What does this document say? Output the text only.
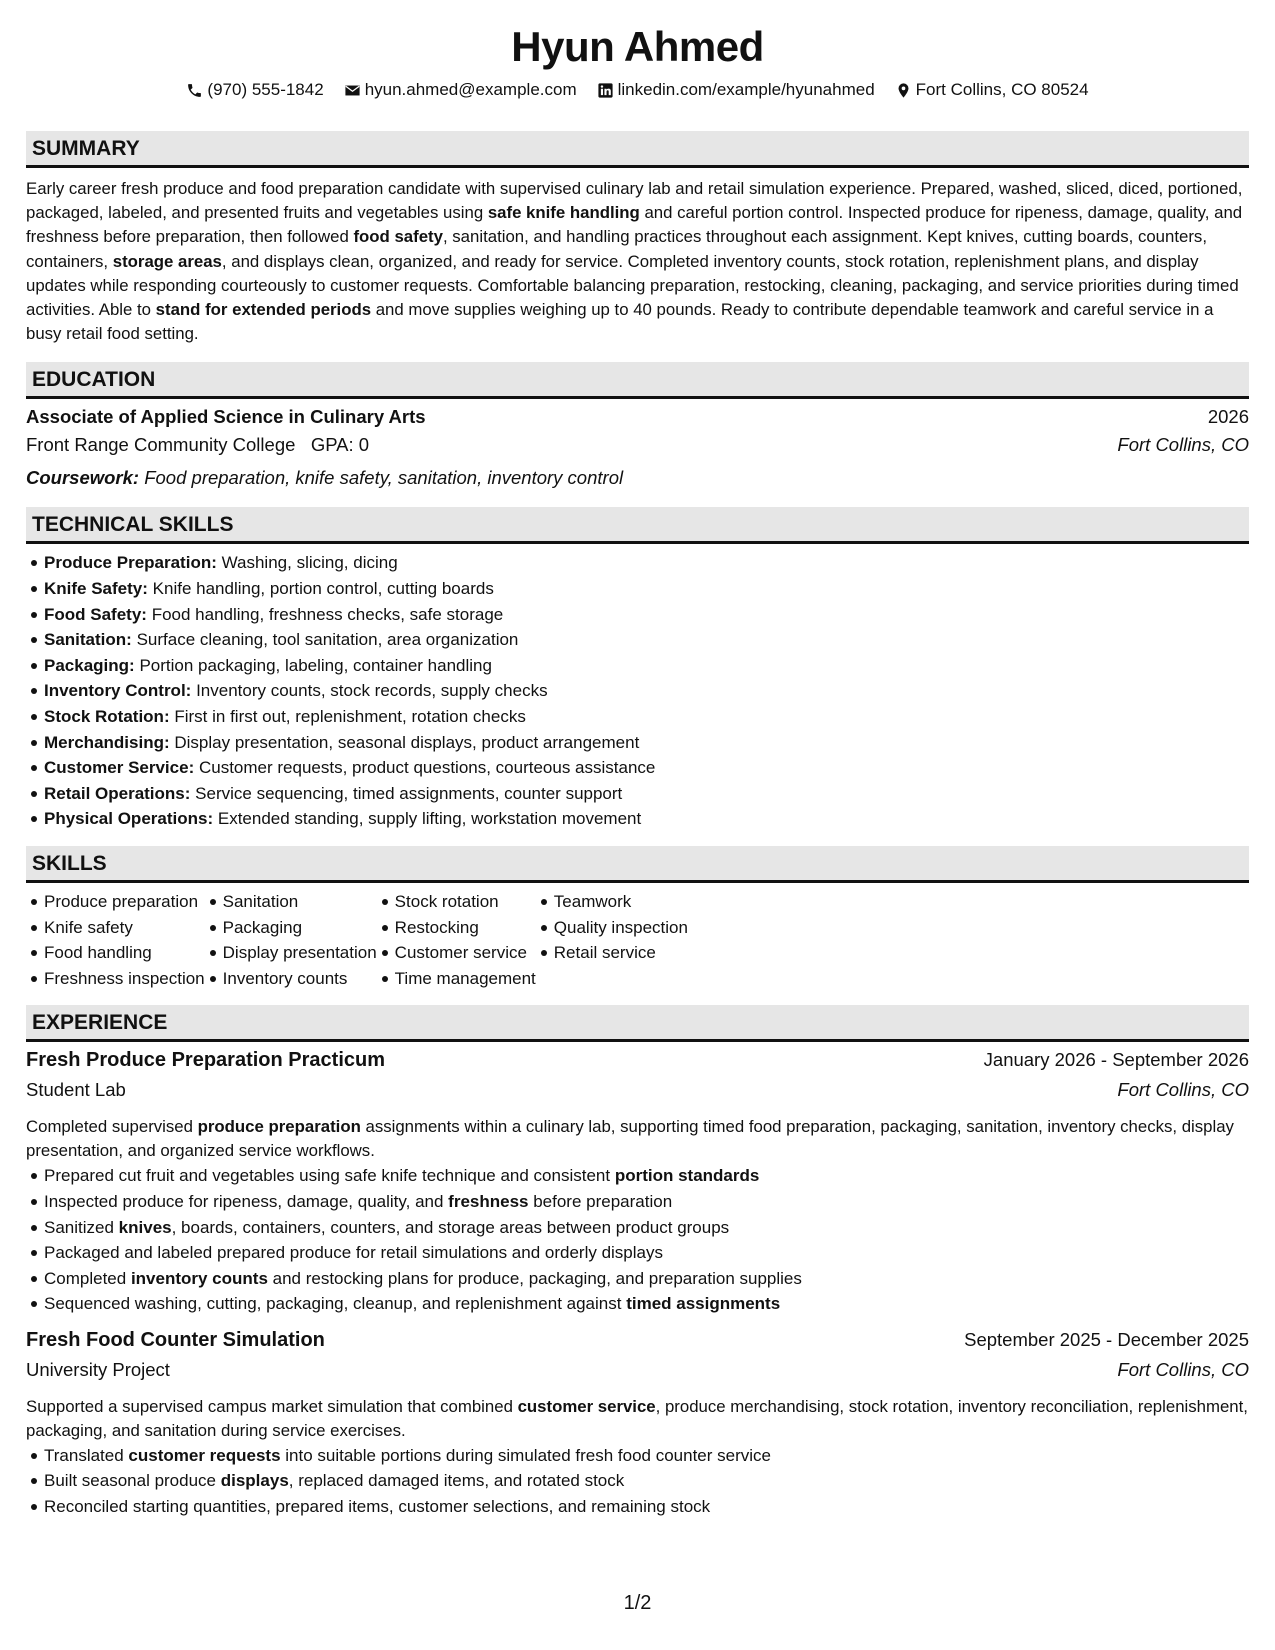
Hyun Ahmed
(970) 555-1842 hyun.ahmed@example.com linkedin.com/example/hyunahmed Fort Collins, CO 80524
SUMMARY
Early career fresh produce and food preparation candidate with supervised culinary lab and retail simulation experience. Prepared, washed, sliced, diced, portioned, packaged, labeled, and presented fruits and vegetables using safe knife handling and careful portion control. Inspected produce for ripeness, damage, quality, and freshness before preparation, then followed food safety, sanitation, and handling practices throughout each assignment. Kept knives, cutting boards, counters, containers, storage areas, and displays clean, organized, and ready for service. Completed inventory counts, stock rotation, replenishment plans, and display updates while responding courteously to customer requests. Comfortable balancing preparation, restocking, cleaning, packaging, and service priorities during timed activities. Able to stand for extended periods and move supplies weighing up to 40 pounds. Ready to contribute dependable teamwork and careful service in a busy retail food setting.
EDUCATION
Associate of Applied Science in Culinary Arts	2026
Front Range Community College GPA: 0	Fort Collins, CO
Coursework: Food preparation, knife safety, sanitation, inventory control
TECHNICAL SKILLS
Produce Preparation: Washing, slicing, dicing
Knife Safety: Knife handling, portion control, cutting boards
Food Safety: Food handling, freshness checks, safe storage
Sanitation: Surface cleaning, tool sanitation, area organization
Packaging: Portion packaging, labeling, container handling
Inventory Control: Inventory counts, stock records, supply checks
Stock Rotation: First in first out, replenishment, rotation checks
Merchandising: Display presentation, seasonal displays, product arrangement
Customer Service: Customer requests, product questions, courteous assistance
Retail Operations: Service sequencing, timed assignments, counter support
Physical Operations: Extended standing, supply lifting, workstation movement
SKILLS
Produce preparation
Knife safety
Food handling
Freshness inspection
Sanitation
Packaging
Display presentation
Inventory counts
Stock rotation
Restocking
Customer service
Time management
Teamwork
Quality inspection
Retail service
EXPERIENCE
Fresh Produce Preparation Practicum	January 2026 - September 2026
Student Lab	Fort Collins, CO
Completed supervised produce preparation assignments within a culinary lab, supporting timed food preparation, packaging, sanitation, inventory checks, display presentation, and organized service workflows.
Prepared cut fruit and vegetables using safe knife technique and consistent portion standards
Inspected produce for ripeness, damage, quality, and freshness before preparation
Sanitized knives, boards, containers, counters, and storage areas between product groups
Packaged and labeled prepared produce for retail simulations and orderly displays
Completed inventory counts and restocking plans for produce, packaging, and preparation supplies
Sequenced washing, cutting, packaging, cleanup, and replenishment against timed assignments
Fresh Food Counter Simulation	September 2025 - December 2025
University Project	Fort Collins, CO
Supported a supervised campus market simulation that combined customer service, produce merchandising, stock rotation, inventory reconciliation, replenishment, packaging, and sanitation during service exercises.
Translated customer requests into suitable portions during simulated fresh food counter service
Built seasonal produce displays, replaced damaged items, and rotated stock
Reconciled starting quantities, prepared items, customer selections, and remaining stock
1/2
